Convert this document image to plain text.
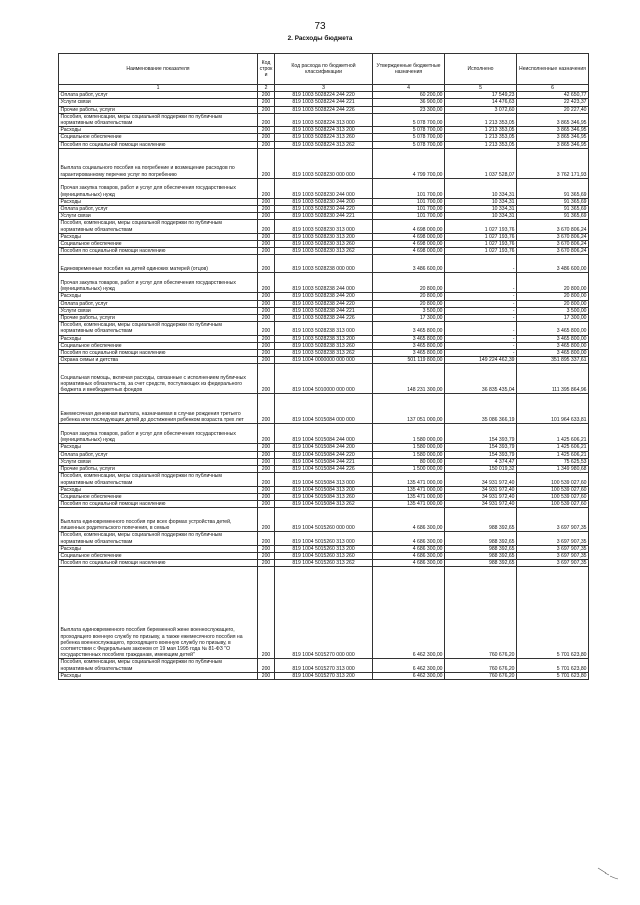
73
2. Расходы бюджета
Наименование показателя	Код строк и	Код расхода по бюджетной классификации	Утвержденные бюджетные назначения	Исполнено	Неисполненные назначения
1	2	3	4	5	6
Оплата работ, услуг	200	819 1003 5028224 244 220	60 200,00	17 549,23	42 650,77
Услуги связи	200	819 1003 5028224 244 221	36 900,00	14 476,63	22 423,37
Прочие работы, услуги	200	819 1003 5028224 244 226	23 300,00	3 072,60	20 227,40
Пособия, компенсации, меры социальной поддержки по публичным нормативным обязательствам	200	819 1003 5028224 313 000	5 078 700,00	1 213 353,05	3 865 346,95
Расходы	200	819 1003 5028224 313 200	5 078 700,00	1 213 353,05	3 865 346,95
Социальное обеспечение	200	819 1003 5028224 313 260	5 078 700,00	1 213 353,05	3 865 346,95
Пособия по социальной помощи населению	200	819 1003 5028224 313 262	5 078 700,00	1 213 353,05	3 865 346,95
Выплата социального пособия на погребение и возмещение расходов по гарантированному перечню услуг по погребению	200	819 1003 5028230 000 000	4 799 700,00	1 037 528,07	3 762 171,93
Прочая закупка товаров, работ и услуг для обеспечения государственных (муниципальных) нужд	200	819 1003 5028230 244 000	101 700,00	10 334,31	91 365,69
Расходы	200	819 1003 5028230 244 200	101 700,00	10 334,31	91 365,69
Оплата работ, услуг	200	819 1003 5028230 244 220	101 700,00	10 334,31	91 365,69
Услуги связи	200	819 1003 5028230 244 221	101 700,00	10 334,31	91 365,69
Пособия, компенсации, меры социальной поддержки по публичным нормативным обязательствам	200	819 1003 5028230 313 000	4 698 000,00	1 027 193,76	3 670 806,24
Расходы	200	819 1003 5028230 313 200	4 698 000,00	1 027 193,76	3 670 806,24
Социальное обеспечение	200	819 1003 5028230 313 260	4 698 000,00	1 027 193,76	3 670 806,24
Пособия по социальной помощи населению	200	819 1003 5028230 313 262	4 698 000,00	1 027 193,76	3 670 806,24
Единовременные пособия на детей одиноких матерей (отцов)	200	819 1003 5028238 000 000	3 486 600,00	-	3 486 600,00
Прочая закупка товаров, работ и услуг для обеспечения государственных (муниципальных) нужд	200	819 1003 5028238 244 000	20 800,00	-	20 800,00
Расходы	200	819 1003 5028238 244 200	20 800,00	-	20 800,00
Оплата работ, услуг	200	819 1003 5028238 244 220	20 800,00	-	20 800,00
Услуги связи	200	819 1003 5028238 244 221	3 500,00	-	3 500,00
Прочие работы, услуги	200	819 1003 5028238 244 226	17 300,00	-	17 300,00
Пособия, компенсации, меры социальной поддержки по публичным нормативным обязательствам	200	819 1003 5028238 313 000	3 465 800,00	-	3 465 800,00
Расходы	200	819 1003 5028238 313 200	3 465 800,00	-	3 465 800,00
Социальное обеспечение	200	819 1003 5028238 313 260	3 465 800,00	-	3 465 800,00
Пособия по социальной помощи населению	200	819 1003 5028238 313 262	3 465 800,00	-	3 465 800,00
Охрана семьи и детства	200	819 1004 0000000 000 000	501 119 800,00	149 224 462,39	351 895 337,61
Социальная помощь, включая расходы, связанные с исполнением публичных нормативных обязательств, за счет средств, поступающих из федерального бюджета и внебюджетных фондов	200	819 1004 5010000 000 000	148 231 300,00	36 835 435,04	111 395 864,96
Ежемесячная денежная выплата, назначаемая в случае рождения третьего ребенка или последующих детей до достижения ребенком возраста трех лет	200	819 1004 5015084 000 000	137 051 000,00	35 086 366,19	101 964 633,81
Прочая закупка товаров, работ и услуг для обеспечения государственных (муниципальных) нужд	200	819 1004 5015084 244 000	1 580 000,00	154 393,79	1 425 606,21
Расходы	200	819 1004 5015084 244 200	1 580 000,00	154 393,79	1 425 606,21
Оплата работ, услуг	200	819 1004 5015084 244 220	1 580 000,00	154 393,79	1 425 606,21
Услуги связи	200	819 1004 5015084 244 221	80 000,00	4 374,47	75 625,53
Прочие работы, услуги	200	819 1004 5015084 244 226	1 500 000,00	150 019,32	1 349 980,68
Пособия, компенсации, меры социальной поддержки по публичным нормативным обязательствам	200	819 1004 5015084 313 000	135 471 000,00	34 931 972,40	100 539 027,60
Расходы	200	819 1004 5015084 313 200	135 471 000,00	34 931 972,40	100 539 027,60
Социальное обеспечение	200	819 1004 5015084 313 260	135 471 000,00	34 931 972,40	100 539 027,60
Пособия по социальной помощи населению	200	819 1004 5015084 313 262	135 471 000,00	34 931 972,40	100 539 027,60
Выплата единовременного пособия при всех формах устройства детей, лишенных родительского попечения, в семью	200	819 1004 5015260 000 000	4 686 300,00	988 392,65	3 697 907,35
Пособия, компенсации, меры социальной поддержки по публичным нормативным обязательствам	200	819 1004 5015260 313 000	4 686 300,00	988 392,65	3 697 907,35
Расходы	200	819 1004 5015260 313 200	4 686 300,00	988 392,65	3 697 907,35
Социальное обеспечение	200	819 1004 5015260 313 260	4 686 300,00	988 392,65	3 697 907,35
Пособия по социальной помощи населению	200	819 1004 5015260 313 262	4 686 300,00	988 392,65	3 697 907,35
Выплата единовременного пособия беременной жене военнослужащего, проходящего военную службу по призыву, а также ежемесячного пособия на ребенка военнослужащего, проходящего военную службу по призыву, в соответствии с Федеральным законом от 19 мая 1995 года № 81-ФЗ "О государственных пособиях гражданам, имеющим детей"	200	819 1004 5015270 000 000	6 462 300,00	760 676,20	5 701 623,80
Пособия, компенсации, меры социальной поддержки по публичным нормативным обязательствам	200	819 1004 5015270 313 000	6 462 300,00	760 676,20	5 701 623,80
Расходы	200	819 1004 5015270 313 200	6 462 300,00	760 676,20	5 701 623,80
